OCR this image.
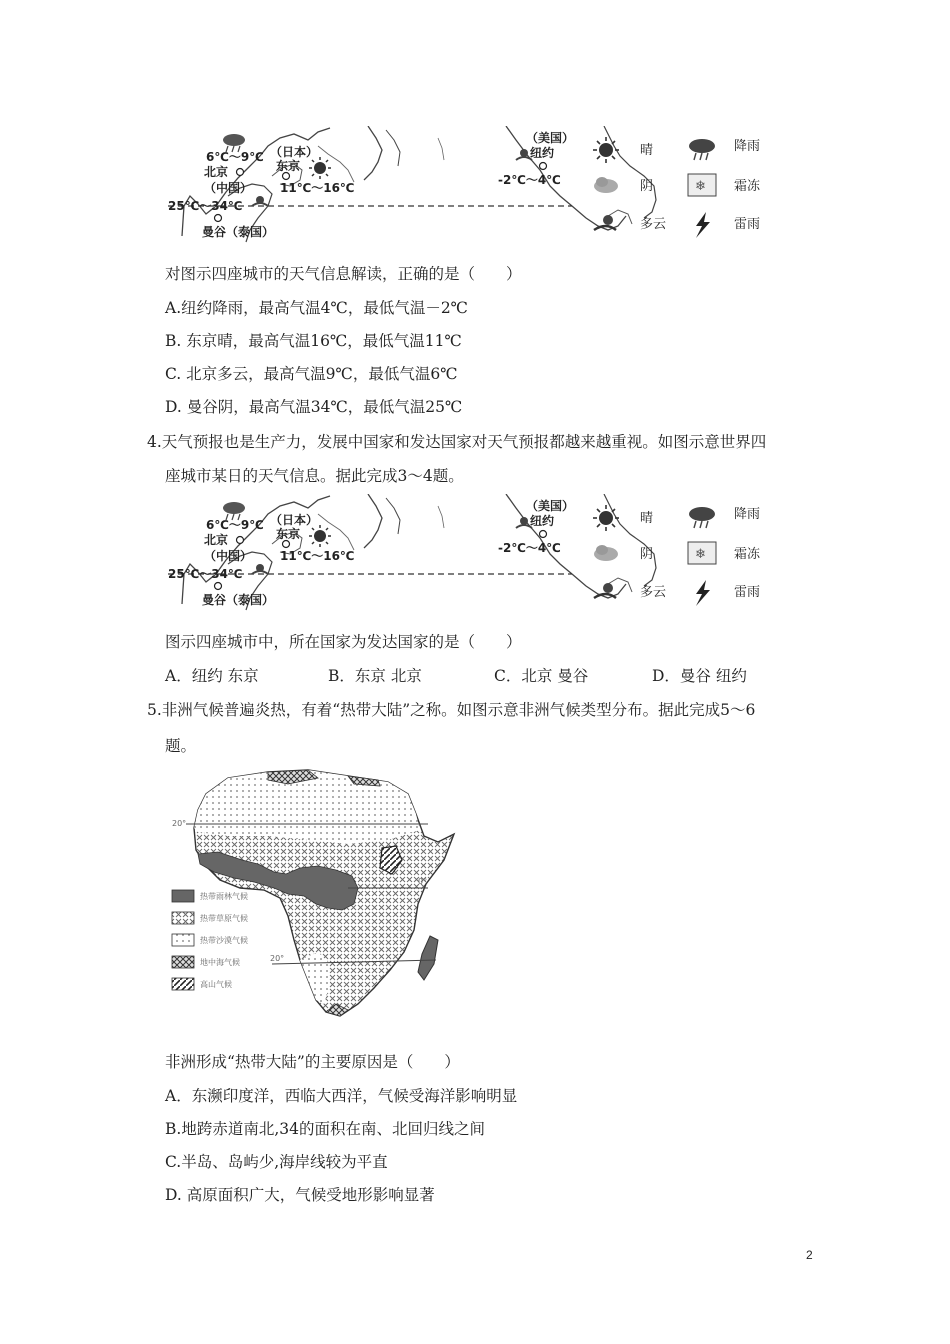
6℃～9℃
北京
（中国）
（日本）
东京
11℃～16℃
25℃～34℃
曼谷（泰国）
（美国）
纽约
-2℃～4℃
晴	降雨
阴	❄ 霜冻
多云	雷雨
对图示四座城市的天气信息解读，正确的是（　　）
A.纽约降雨，最高气温4℃，最低气温－2℃
B. 东京晴，最高气温16℃，最低气温11℃
C. 北京多云，最高气温9℃，最低气温6℃
D. 曼谷阴，最高气温34℃，最低气温25℃
4.天气预报也是生产力，发展中国家和发达国家对天气预报都越来越重视。如图示意世界四
座城市某日的天气信息。据此完成3～4题。
6℃～9℃
北京
（中国）
（日本）
东京
11℃～16℃
25℃～34℃
曼谷（泰国）
（美国）
纽约
-2℃～4℃
晴	降雨
阴	❄ 霜冻
多云	雷雨
图示四座城市中，所在国家为发达国家的是（　　）
A．纽约 东京	B．东京 北京	C．北京 曼谷	D．曼谷 纽约
5.非洲气候普遍炎热，有着“热带大陆”之称。如图示意非洲气候类型分布。据此完成5～6
题。
20°
0°
20°
热带雨林气候
热带草原气候
热带沙漠气候
地中海气候
高山气候
非洲形成“热带大陆”的主要原因是（　　）
A．东濒印度洋，西临大西洋，气候受海洋影响明显
B.地跨赤道南北,34的面积在南、北回归线之间
C.半岛、岛屿少,海岸线较为平直
D. 高原面积广大，气候受地形影响显著
2
